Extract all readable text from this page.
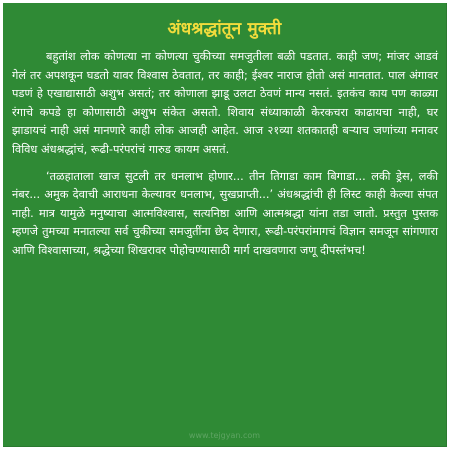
अंधश्रद्धांतून मुक्ती

बहुतांश लोक कोणत्या ना कोणत्या चुकीच्या समजुतीला बळी पडतात. काही जण; मांजर आडवं गेलं तर अपशकून घडतो यावर विश्वास ठेवतात, तर काही; ईश्वर नाराज होतो असं मानतात. पाल अंगावर पडणं हे एखाद्यासाठी अशुभ असतं; तर कोणाला झाडू उलटा ठेवणं मान्य नसतं. इतकंच काय पण काळ्या रंगाचे कपडे हा कोणासाठी अशुभ संकेत असतो. शिवाय संध्याकाळी केरकचरा काढायचा नाही, घर झाडायचं नाही असं मानणारे काही लोक आजही आहेत. आज २१व्या शतकातही बऱ्याच जणांच्या मनावर विविध अंधश्रद्धांचं, रूढी-परंपरांचं गारुड कायम असतं.

‘तळहाताला खाज सुटली तर धनलाभ होणार... तीन तिगाडा काम बिगाडा... लकी ड्रेस, लकी नंबर... अमुक देवाची आराधना केल्यावर धनलाभ, सुखप्राप्ती...’ अंधश्रद्धांची ही लिस्ट काही केल्या संपत नाही. मात्र यामुळे मनुष्याचा आत्मविश्वास, सत्यनिष्ठा आणि आत्मश्रद्धा यांना तडा जातो. प्रस्तुत पुस्तक म्हणजे तुमच्या मनातल्या सर्व चुकीच्या समजुतींना छेद देणारा, रूढी-परंपरांमागचं विज्ञान समजून सांगणारा आणि विश्वासाच्या, श्रद्धेच्या शिखरावर पोहोचण्यासाठी मार्ग दाखवणारा जणू दीपस्तंभच!

www.tejgyan.com
